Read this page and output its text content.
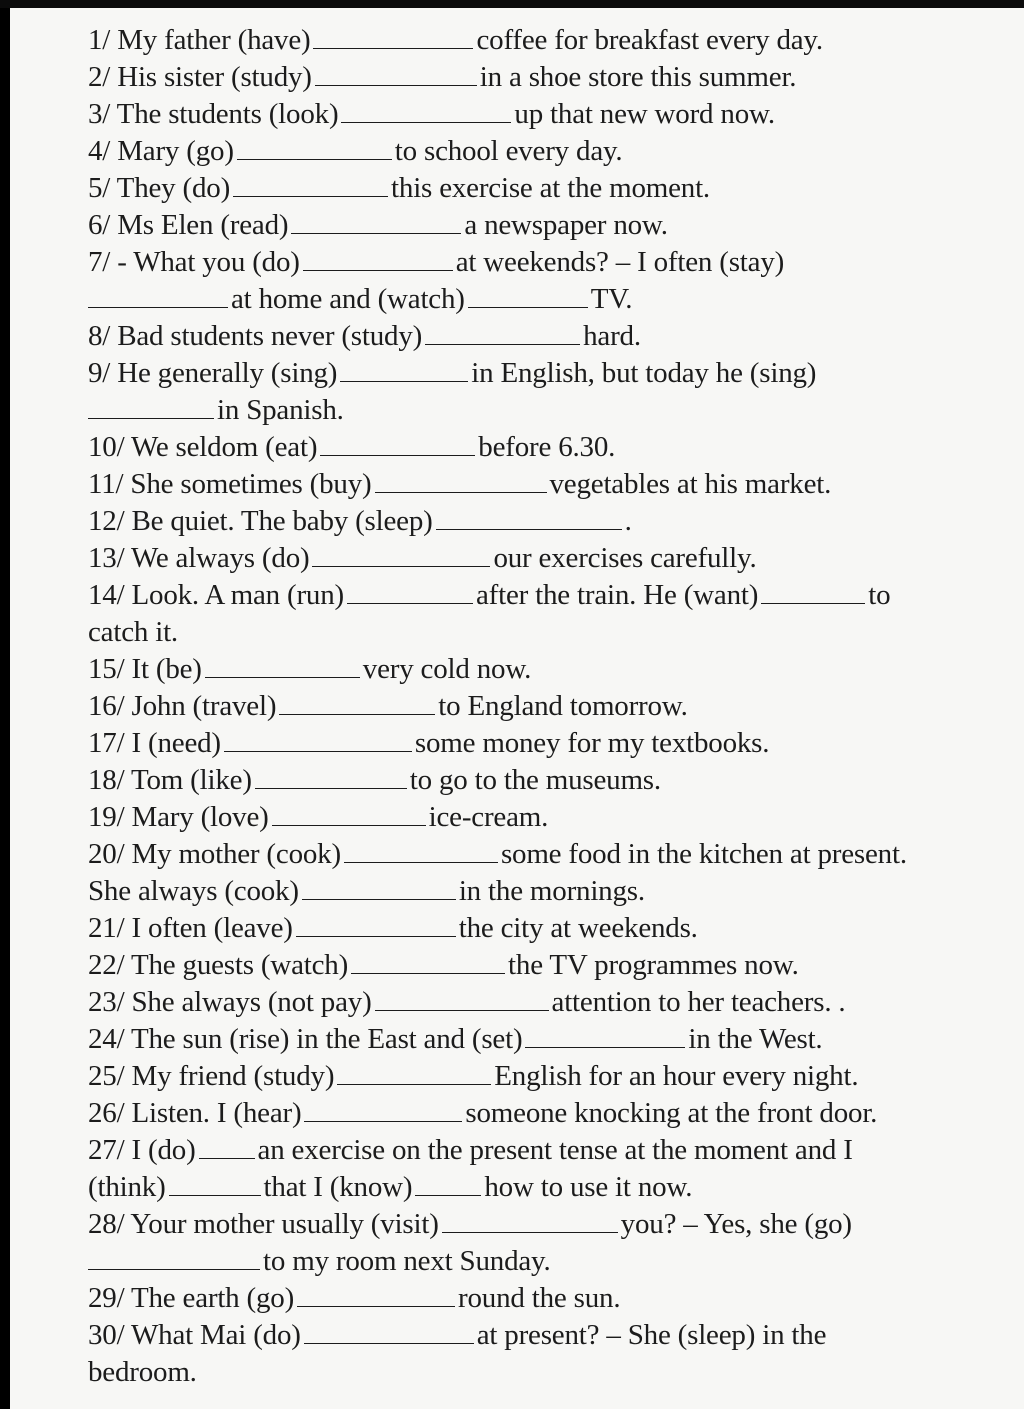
1/ My father (have)	coffee for breakfast every day.
2/ His sister (study)	in a shoe store this summer.
3/ The students (look)	up that new word now.
4/ Mary (go)	to school every day.
5/ They (do)	this exercise at the moment.
6/ Ms Elen (read)	a newspaper now.
7/ - What you (do)	at weekends? – I often (stay)
at home and (watch)	TV.
8/ Bad students never (study)	hard.
9/ He generally (sing)	in English, but today he (sing)
in Spanish.
10/ We seldom (eat)	before 6.30.
11/ She sometimes (buy)	vegetables at his market.
12/ Be quiet. The baby (sleep)	.
13/ We always (do)	our exercises carefully.
14/ Look. A man (run)	after the train. He (want)	to
catch it.
15/ It (be)	very cold now.
16/ John (travel)	to England tomorrow.
17/ I (need)	some money for my textbooks.
18/ Tom (like)	to go to the museums.
19/ Mary (love)	ice-cream.
20/ My mother (cook)	some food in the kitchen at present.
She always (cook)	in the mornings.
21/ I often (leave)	the city at weekends.
22/ The guests (watch)	the TV programmes now.
23/ She always (not pay)	attention to her teachers. .
24/ The sun (rise) in the East and (set)	in the West.
25/ My friend (study)	English for an hour every night.
26/ Listen. I (hear)	someone knocking at the front door.
27/ I (do) an exercise on the present tense at the moment and I
(think)	that I (know) how to use it now.
28/ Your mother usually (visit)	you? – Yes, she (go)
to my room next Sunday.
29/ The earth (go)	round the sun.
30/ What Mai (do)	at present? – She (sleep) in the
bedroom.
